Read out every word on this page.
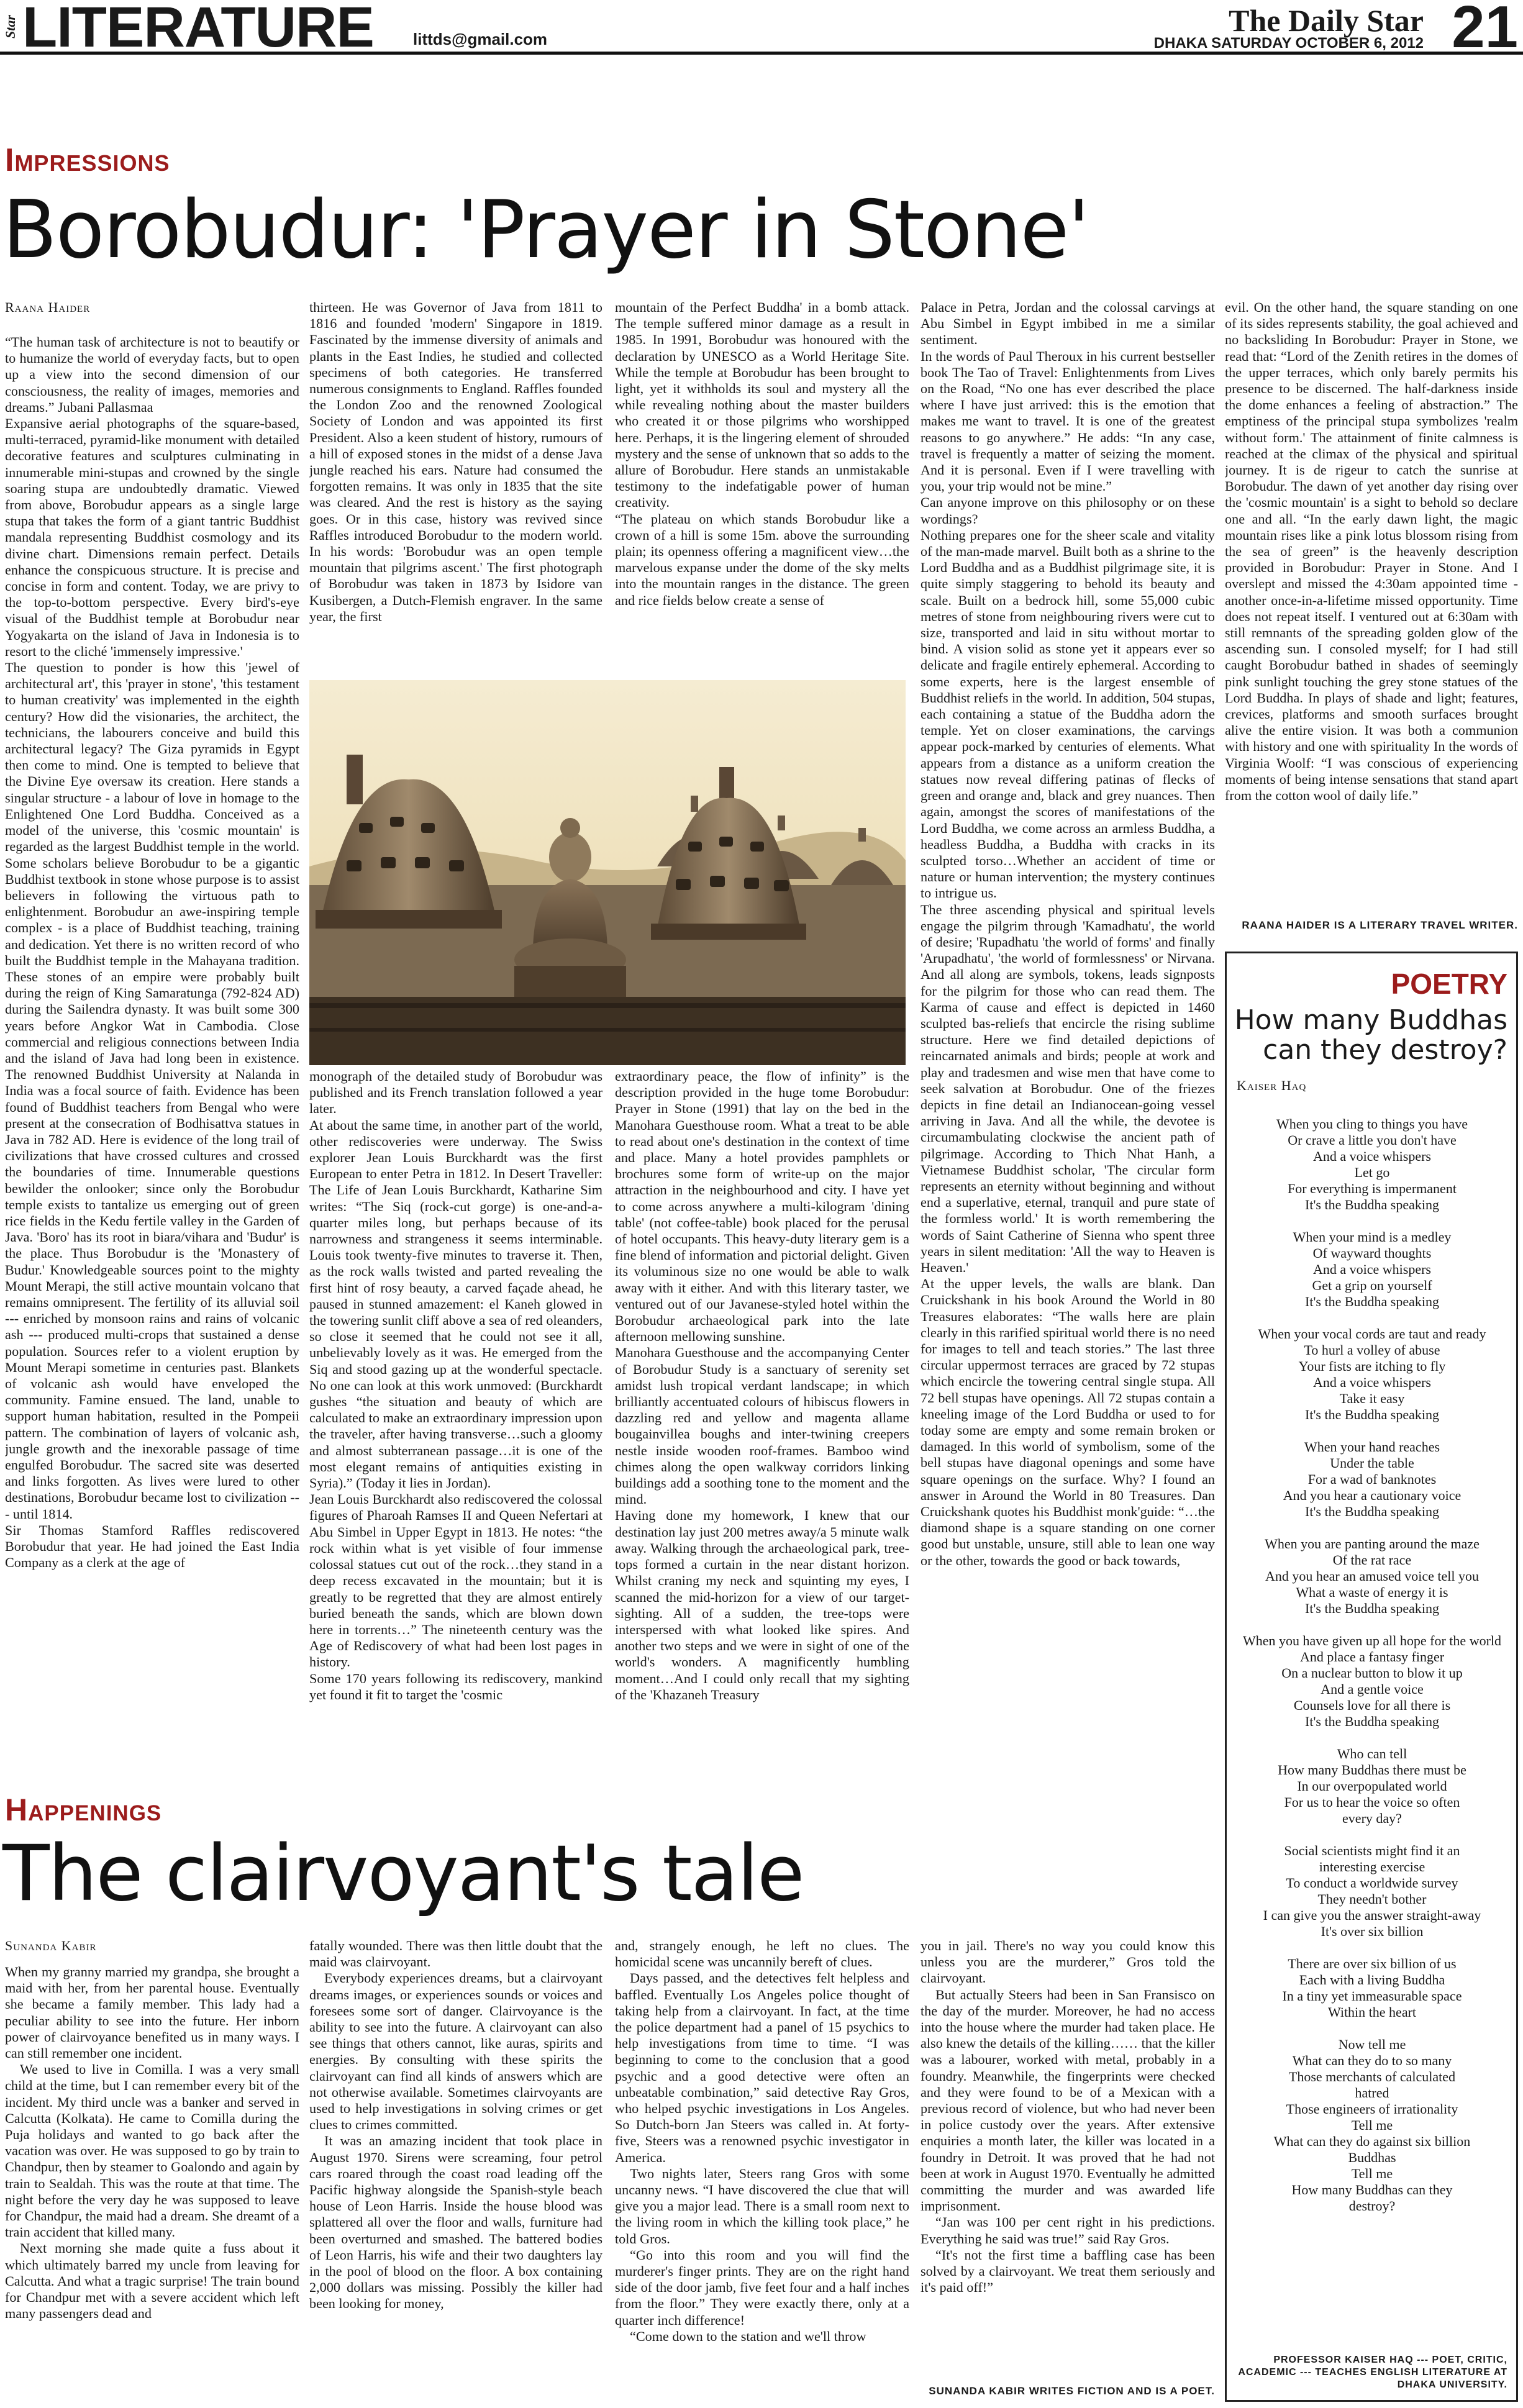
Star LITERATURE littds@gmail.com
The Daily Star
DHAKA SATURDAY OCTOBER 6, 2012 21
Impressions
Borobudur: 'Prayer in Stone'
Raana Haider

“The human task of architecture is not to beautify or to humanize the world of everyday facts, but to open up a view into the second dimension of our consciousness, the reality of images, memories and dreams.” Jubani Pallasmaa

Expansive aerial photographs of the square-based, multi-terraced, pyramid-like monument with detailed decorative features and sculptures culminating in innumerable mini-stupas and crowned by the single soaring stupa are undoubtedly dramatic. Viewed from above, Borobudur appears as a single large stupa that takes the form of a giant tantric Buddhist mandala representing Buddhist cosmology and its divine chart. Dimensions remain perfect. Details enhance the conspicuous structure. It is precise and concise in form and content. Today, we are privy to the top-to-bottom perspective. Every bird's-eye visual of the Buddhist temple at Borobudur near Yogyakarta on the island of Java in Indonesia is to resort to the cliché 'immensely impressive.'

The question to ponder is how this 'jewel of architectural art', this 'prayer in stone', 'this testament to human creativity' was implemented in the eighth century? How did the visionaries, the architect, the technicians, the labourers conceive and build this architectural legacy? The Giza pyramids in Egypt then come to mind. One is tempted to believe that the Divine Eye oversaw its creation. Here stands a singular structure - a labour of love in homage to the Enlightened One Lord Buddha. Conceived as a model of the universe, this 'cosmic mountain' is regarded as the largest Buddhist temple in the world. Some scholars believe Borobudur to be a gigantic Buddhist textbook in stone whose purpose is to assist believers in following the virtuous path to enlightenment. Borobudur an awe-inspiring temple complex - is a place of Buddhist teaching, training and dedication. Yet there is no written record of who built the Buddhist temple in the Mahayana tradition. These stones of an empire were probably built during the reign of King Samaratunga (792-824 AD) during the Sailendra dynasty. It was built some 300 years before Angkor Wat in Cambodia. Close commercial and religious connections between India and the island of Java had long been in existence. The renowned Buddhist University at Nalanda in India was a focal source of faith. Evidence has been found of Buddhist teachers from Bengal who were present at the consecration of Bodhisattva statues in Java in 782 AD. Here is evidence of the long trail of civilizations that have crossed cultures and crossed the boundaries of time. Innumerable questions bewilder the onlooker; since only the Borobudur temple exists to tantalize us emerging out of green rice fields in the Kedu fertile valley in the Garden of Java. 'Boro' has its root in biara/vihara and 'Budur' is the place. Thus Borobudur is the 'Monastery of Budur.' Knowledgeable sources point to the mighty Mount Merapi, the still active mountain volcano that remains omnipresent. The fertility of its alluvial soil --- enriched by monsoon rains and rains of volcanic ash --- produced multi-crops that sustained a dense population. Sources refer to a violent eruption by Mount Merapi sometime in centuries past. Blankets of volcanic ash would have enveloped the community. Famine ensued. The land, unable to support human habitation, resulted in the Pompeii pattern. The combination of layers of volcanic ash, jungle growth and the inexorable passage of time engulfed Borobudur. The sacred site was deserted and links forgotten. As lives were lured to other destinations, Borobudur became lost to civilization --- until 1814.

Sir Thomas Stamford Raffles rediscovered Borobudur that year. He had joined the East India Company as a clerk at the age of

thirteen. He was Governor of Java from 1811 to 1816 and founded 'modern' Singapore in 1819. Fascinated by the immense diversity of animals and plants in the East Indies, he studied and collected specimens of both categories. He transferred numerous consignments to England. Raffles founded the London Zoo and the renowned Zoological Society of London and was appointed its first President. Also a keen student of history, rumours of a hill of exposed stones in the midst of a dense Java jungle reached his ears. Nature had consumed the forgotten remains. It was only in 1835 that the site was cleared. And the rest is history as the saying goes. Or in this case, history was revived since Raffles introduced Borobudur to the modern world. In his words: 'Borobudur was an open temple mountain that pilgrims ascent.' The first photograph of Borobudur was taken in 1873 by Isidore van Kusibergen, a Dutch-Flemish engraver. In the same year, the first

monograph of the detailed study of Borobudur was published and its French translation followed a year later.

At about the same time, in another part of the world, other rediscoveries were underway. The Swiss explorer Jean Louis Burckhardt was the first European to enter Petra in 1812. In Desert Traveller: The Life of Jean Louis Burckhardt, Katharine Sim writes: “The Siq (rock-cut gorge) is one-and-a-quarter miles long, but perhaps because of its narrowness and strangeness it seems interminable. Louis took twenty-five minutes to traverse it. Then, as the rock walls twisted and parted revealing the first hint of rosy beauty, a carved façade ahead, he paused in stunned amazement: el Kaneh glowed in the towering sunlit cliff above a sea of red oleanders, so close it seemed that he could not see it all, unbelievably lovely as it was. He emerged from the Siq and stood gazing up at the wonderful spectacle. No one can look at this work unmoved: (Burckhardt gushes “the situation and beauty of which are calculated to make an extraordinary impression upon the traveler, after having transverse…such a gloomy and almost subterranean passage…it is one of the most elegant remains of antiquities existing in Syria).” (Today it lies in Jordan).

Jean Louis Burckhardt also rediscovered the colossal figures of Pharoah Ramses II and Queen Nefertari at Abu Simbel in Upper Egypt in 1813. He notes: “the rock within what is yet visible of four immense colossal statues cut out of the rock…they stand in a deep recess excavated in the mountain; but it is greatly to be regretted that they are almost entirely buried beneath the sands, which are blown down here in torrents…” The nineteenth century was the Age of Rediscovery of what had been lost pages in history.

Some 170 years following its rediscovery, mankind yet found it fit to target the 'cosmic

mountain of the Perfect Buddha' in a bomb attack. The temple suffered minor damage as a result in 1985. In 1991, Borobudur was honoured with the declaration by UNESCO as a World Heritage Site. While the temple at Borobudur has been brought to light, yet it withholds its soul and mystery all the while revealing nothing about the master builders who created it or those pilgrims who worshipped here. Perhaps, it is the lingering element of shrouded mystery and the sense of unknown that so adds to the allure of Borobudur. Here stands an unmistakable testimony to the indefatigable power of human creativity.

“The plateau on which stands Borobudur like a crown of a hill is some 15m. above the surrounding plain; its openness offering a magnificent view…the marvelous expanse under the dome of the sky melts into the mountain ranges in the distance. The green and rice fields below create a sense of

extraordinary peace, the flow of infinity” is the description provided in the huge tome Borobudur: Prayer in Stone (1991) that lay on the bed in the Manohara Guesthouse room. What a treat to be able to read about one's destination in the context of time and place. Many a hotel provides pamphlets or brochures some form of write-up on the major attraction in the neighbourhood and city. I have yet to come across anywhere a multi-kilogram 'dining table' (not coffee-table) book placed for the perusal of hotel occupants. This heavy-duty literary gem is a fine blend of information and pictorial delight. Given its voluminous size no one would be able to walk away with it either. And with this literary taster, we ventured out of our Javanese-styled hotel within the Borobudur archaeological park into the late afternoon mellowing sunshine.

Manohara Guesthouse and the accompanying Center of Borobudur Study is a sanctuary of serenity set amidst lush tropical verdant landscape; in which brilliantly accentuated colours of hibiscus flowers in dazzling red and yellow and magenta allame bougainvillea boughs and inter-twining creepers nestle inside wooden roof-frames. Bamboo wind chimes along the open walkway corridors linking buildings add a soothing tone to the moment and the mind.

Having done my homework, I knew that our destination lay just 200 metres away/a 5 minute walk away. Walking through the archaeological park, tree-tops formed a curtain in the near distant horizon. Whilst craning my neck and squinting my eyes, I scanned the mid-horizon for a view of our target-sighting. All of a sudden, the tree-tops were interspersed with what looked like spires. And another two steps and we were in sight of one of the world's wonders. A magnificently humbling moment…And I could only recall that my sighting of the 'Khazaneh Treasury

Palace in Petra, Jordan and the colossal carvings at Abu Simbel in Egypt imbibed in me a similar sentiment.

In the words of Paul Theroux in his current bestseller book The Tao of Travel: Enlightenments from Lives on the Road, “No one has ever described the place where I have just arrived: this is the emotion that makes me want to travel. It is one of the greatest reasons to go anywhere.” He adds: “In any case, travel is frequently a matter of seizing the moment. And it is personal. Even if I were travelling with you, your trip would not be mine.”

Can anyone improve on this philosophy or on these wordings?

Nothing prepares one for the sheer scale and vitality of the man-made marvel. Built both as a shrine to the Lord Buddha and as a Buddhist pilgrimage site, it is quite simply staggering to behold its beauty and scale. Built on a bedrock hill, some 55,000 cubic metres of stone from neighbouring rivers were cut to size, transported and laid in situ without mortar to bind. A vision solid as stone yet it appears ever so delicate and fragile entirely ephemeral. According to some experts, here is the largest ensemble of Buddhist reliefs in the world. In addition, 504 stupas, each containing a statue of the Buddha adorn the temple. Yet on closer examinations, the carvings appear pock-marked by centuries of elements. What appears from a distance as a uniform creation the statues now reveal differing patinas of flecks of green and orange and, black and grey nuances. Then again, amongst the scores of manifestations of the Lord Buddha, we come across an armless Buddha, a headless Buddha, a Buddha with cracks in its sculpted torso…Whether an accident of time or nature or human intervention; the mystery continues to intrigue us.

The three ascending physical and spiritual levels engage the pilgrim through 'Kamadhatu', the world of desire; 'Rupadhatu 'the world of forms' and finally 'Arupadhatu', 'the world of formlessness' or Nirvana. And all along are symbols, tokens, leads signposts for the pilgrim for those who can read them. The Karma of cause and effect is depicted in 1460 sculpted bas-reliefs that encircle the rising sublime structure. Here we find detailed depictions of reincarnated animals and birds; people at work and play and tradesmen and wise men that have come to seek salvation at Borobudur. One of the friezes depicts in fine detail an Indianocean-going vessel arriving in Java. And all the while, the devotee is circumambulating clockwise the ancient path of pilgrimage. According to Thich Nhat Hanh, a Vietnamese Buddhist scholar, 'The circular form represents an eternity without beginning and without end a superlative, eternal, tranquil and pure state of the formless world.' It is worth remembering the words of Saint Catherine of Sienna who spent three years in silent meditation: 'All the way to Heaven is Heaven.'

At the upper levels, the walls are blank. Dan Cruickshank in his book Around the World in 80 Treasures elaborates: “The walls here are plain clearly in this rarified spiritual world there is no need for images to tell and teach stories.” The last three circular uppermost terraces are graced by 72 stupas which encircle the towering central single stupa. All 72 bell stupas have openings. All 72 stupas contain a kneeling image of the Lord Buddha or used to for today some are empty and some remain broken or damaged. In this world of symbolism, some of the bell stupas have diagonal openings and some have square openings on the surface. Why? I found an answer in Around the World in 80 Treasures. Dan Cruickshank quotes his Buddhist monk'guide: “…the diamond shape is a square standing on one corner good but unstable, unsure, still able to lean one way or the other, towards the good or back towards,

evil. On the other hand, the square standing on one of its sides represents stability, the goal achieved and no backsliding In Borobudur: Prayer in Stone, we read that: “Lord of the Zenith retires in the domes of the upper terraces, which only barely permits his presence to be discerned. The half-darkness inside the dome enhances a feeling of abstraction.” The emptiness of the principal stupa symbolizes 'realm without form.' The attainment of finite calmness is reached at the climax of the physical and spiritual journey. It is de rigeur to catch the sunrise at Borobudur. The dawn of yet another day rising over the 'cosmic mountain' is a sight to behold so declare one and all. “In the early dawn light, the magic mountain rises like a pink lotus blossom rising from the sea of green” is the heavenly description provided in Borobudur: Prayer in Stone. And I overslept and missed the 4:30am appointed time - another once-in-a-lifetime missed opportunity. Time does not repeat itself. I ventured out at 6:30am with still remnants of the spreading golden glow of the ascending sun. I consoled myself; for I had still caught Borobudur bathed in shades of seemingly pink sunlight touching the grey stone statues of the Lord Buddha. In plays of shade and light; features, crevices, platforms and smooth surfaces brought alive the entire vision. It was both a communion with history and one with spirituality In the words of Virginia Woolf: “I was conscious of experiencing moments of being intense sensations that stand apart from the cotton wool of daily life.”

RAANA HAIDER IS A LITERARY TRAVEL WRITER.
Happenings
The clairvoyant's tale
Sunanda Kabir

When my granny married my grandpa, she brought a maid with her, from her parental house. Eventually she became a family member. This lady had a peculiar ability to see into the future. Her inborn power of clairvoyance benefited us in many ways. I can still remember one incident.

We used to live in Comilla. I was a very small child at the time, but I can remember every bit of the incident. My third uncle was a banker and served in Calcutta (Kolkata). He came to Comilla during the Puja holidays and wanted to go back after the vacation was over. He was supposed to go by train to Chandpur, then by steamer to Goalondo and again by train to Sealdah. This was the route at that time. The night before the very day he was supposed to leave for Chandpur, the maid had a dream. She dreamt of a train accident that killed many.

Next morning she made quite a fuss about it which ultimately barred my uncle from leaving for Calcutta. And what a tragic surprise! The train bound for Chandpur met with a severe accident which left many passengers dead and

fatally wounded. There was then little doubt that the maid was clairvoyant.

Everybody experiences dreams, but a clairvoyant dreams images, or experiences sounds or voices and foresees some sort of danger. Clairvoyance is the ability to see into the future. A clairvoyant can also see things that others cannot, like auras, spirits and energies. By consulting with these spirits the clairvoyant can find all kinds of answers which are not otherwise available. Sometimes clairvoyants are used to help investigations in solving crimes or get clues to crimes committed.

It was an amazing incident that took place in August 1970. Sirens were screaming, four petrol cars roared through the coast road leading off the Pacific highway alongside the Spanish-style beach house of Leon Harris. Inside the house blood was splattered all over the floor and walls, furniture had been overturned and smashed. The battered bodies of Leon Harris, his wife and their two daughters lay in the pool of blood on the floor. A box containing 2,000 dollars was missing. Possibly the killer had been looking for money,

and, strangely enough, he left no clues. The homicidal scene was uncannily bereft of clues.

Days passed, and the detectives felt helpless and baffled. Eventually Los Angeles police thought of taking help from a clairvoyant. In fact, at the time the police department had a panel of 15 psychics to help investigations from time to time. “I was beginning to come to the conclusion that a good psychic and a good detective were often an unbeatable combination,” said detective Ray Gros, who helped psychic investigations in Los Angeles. So Dutch-born Jan Steers was called in. At forty-five, Steers was a renowned psychic investigator in America.

Two nights later, Steers rang Gros with some uncanny news. “I have discovered the clue that will give you a major lead. There is a small room next to the living room in which the killing took place,” he told Gros.

“Go into this room and you will find the murderer's finger prints. They are on the right hand side of the door jamb, five feet four and a half inches from the floor.” They were exactly there, only at a quarter inch difference!

“Come down to the station and we'll throw

you in jail. There's no way you could know this unless you are the murderer,” Gros told the clairvoyant.

But actually Steers had been in San Fransisco on the day of the murder. Moreover, he had no access into the house where the murder had taken place. He also knew the details of the killing…… that the killer was a labourer, worked with metal, probably in a foundry. Meanwhile, the fingerprints were checked and they were found to be of a Mexican with a previous record of violence, but who had never been in police custody over the years. After extensive enquiries a month later, the killer was located in a foundry in Detroit. It was proved that he had not been at work in August 1970. Eventually he admitted committing the murder and was awarded life imprisonment.

“Jan was 100 per cent right in his predictions. Everything he said was true!” said Ray Gros.

“It's not the first time a baffling case has been solved by a clairvoyant. We treat them seriously and it's paid off!”

SUNANDA KABIR WRITES FICTION AND IS A POET.
POETRY
How many Buddhas can they destroy?
Kaiser Haq
When you cling to things you have
Or crave a little you don't have
And a voice whispers
Let go
For everything is impermanent
It's the Buddha speaking
When your mind is a medley
Of wayward thoughts
And a voice whispers
Get a grip on yourself
It's the Buddha speaking
When your vocal cords are taut and ready
To hurl a volley of abuse
Your fists are itching to fly
And a voice whispers
Take it easy
It's the Buddha speaking
When your hand reaches
Under the table
For a wad of banknotes
And you hear a cautionary voice
It's the Buddha speaking
When you are panting around the maze
Of the rat race
And you hear an amused voice tell you
What a waste of energy it is
It's the Buddha speaking
When you have given up all hope for the world
And place a fantasy finger
On a nuclear button to blow it up
And a gentle voice
Counsels love for all there is
It's the Buddha speaking
Who can tell
How many Buddhas there must be
In our overpopulated world
For us to hear the voice so often
every day?
Social scientists might find it an
interesting exercise
To conduct a worldwide survey
They needn't bother
I can give you the answer straight-away
It's over six billion
There are over six billion of us
Each with a living Buddha
In a tiny yet immeasurable space
Within the heart
Now tell me
What can they do to so many
Those merchants of calculated
hatred
Those engineers of irrationality
Tell me
What can they do against six billion
Buddhas
Tell me
How many Buddhas can they
destroy?
PROFESSOR KAISER HAQ --- POET, CRITIC, ACADEMIC --- TEACHES ENGLISH LITERATURE AT DHAKA UNIVERSITY.
